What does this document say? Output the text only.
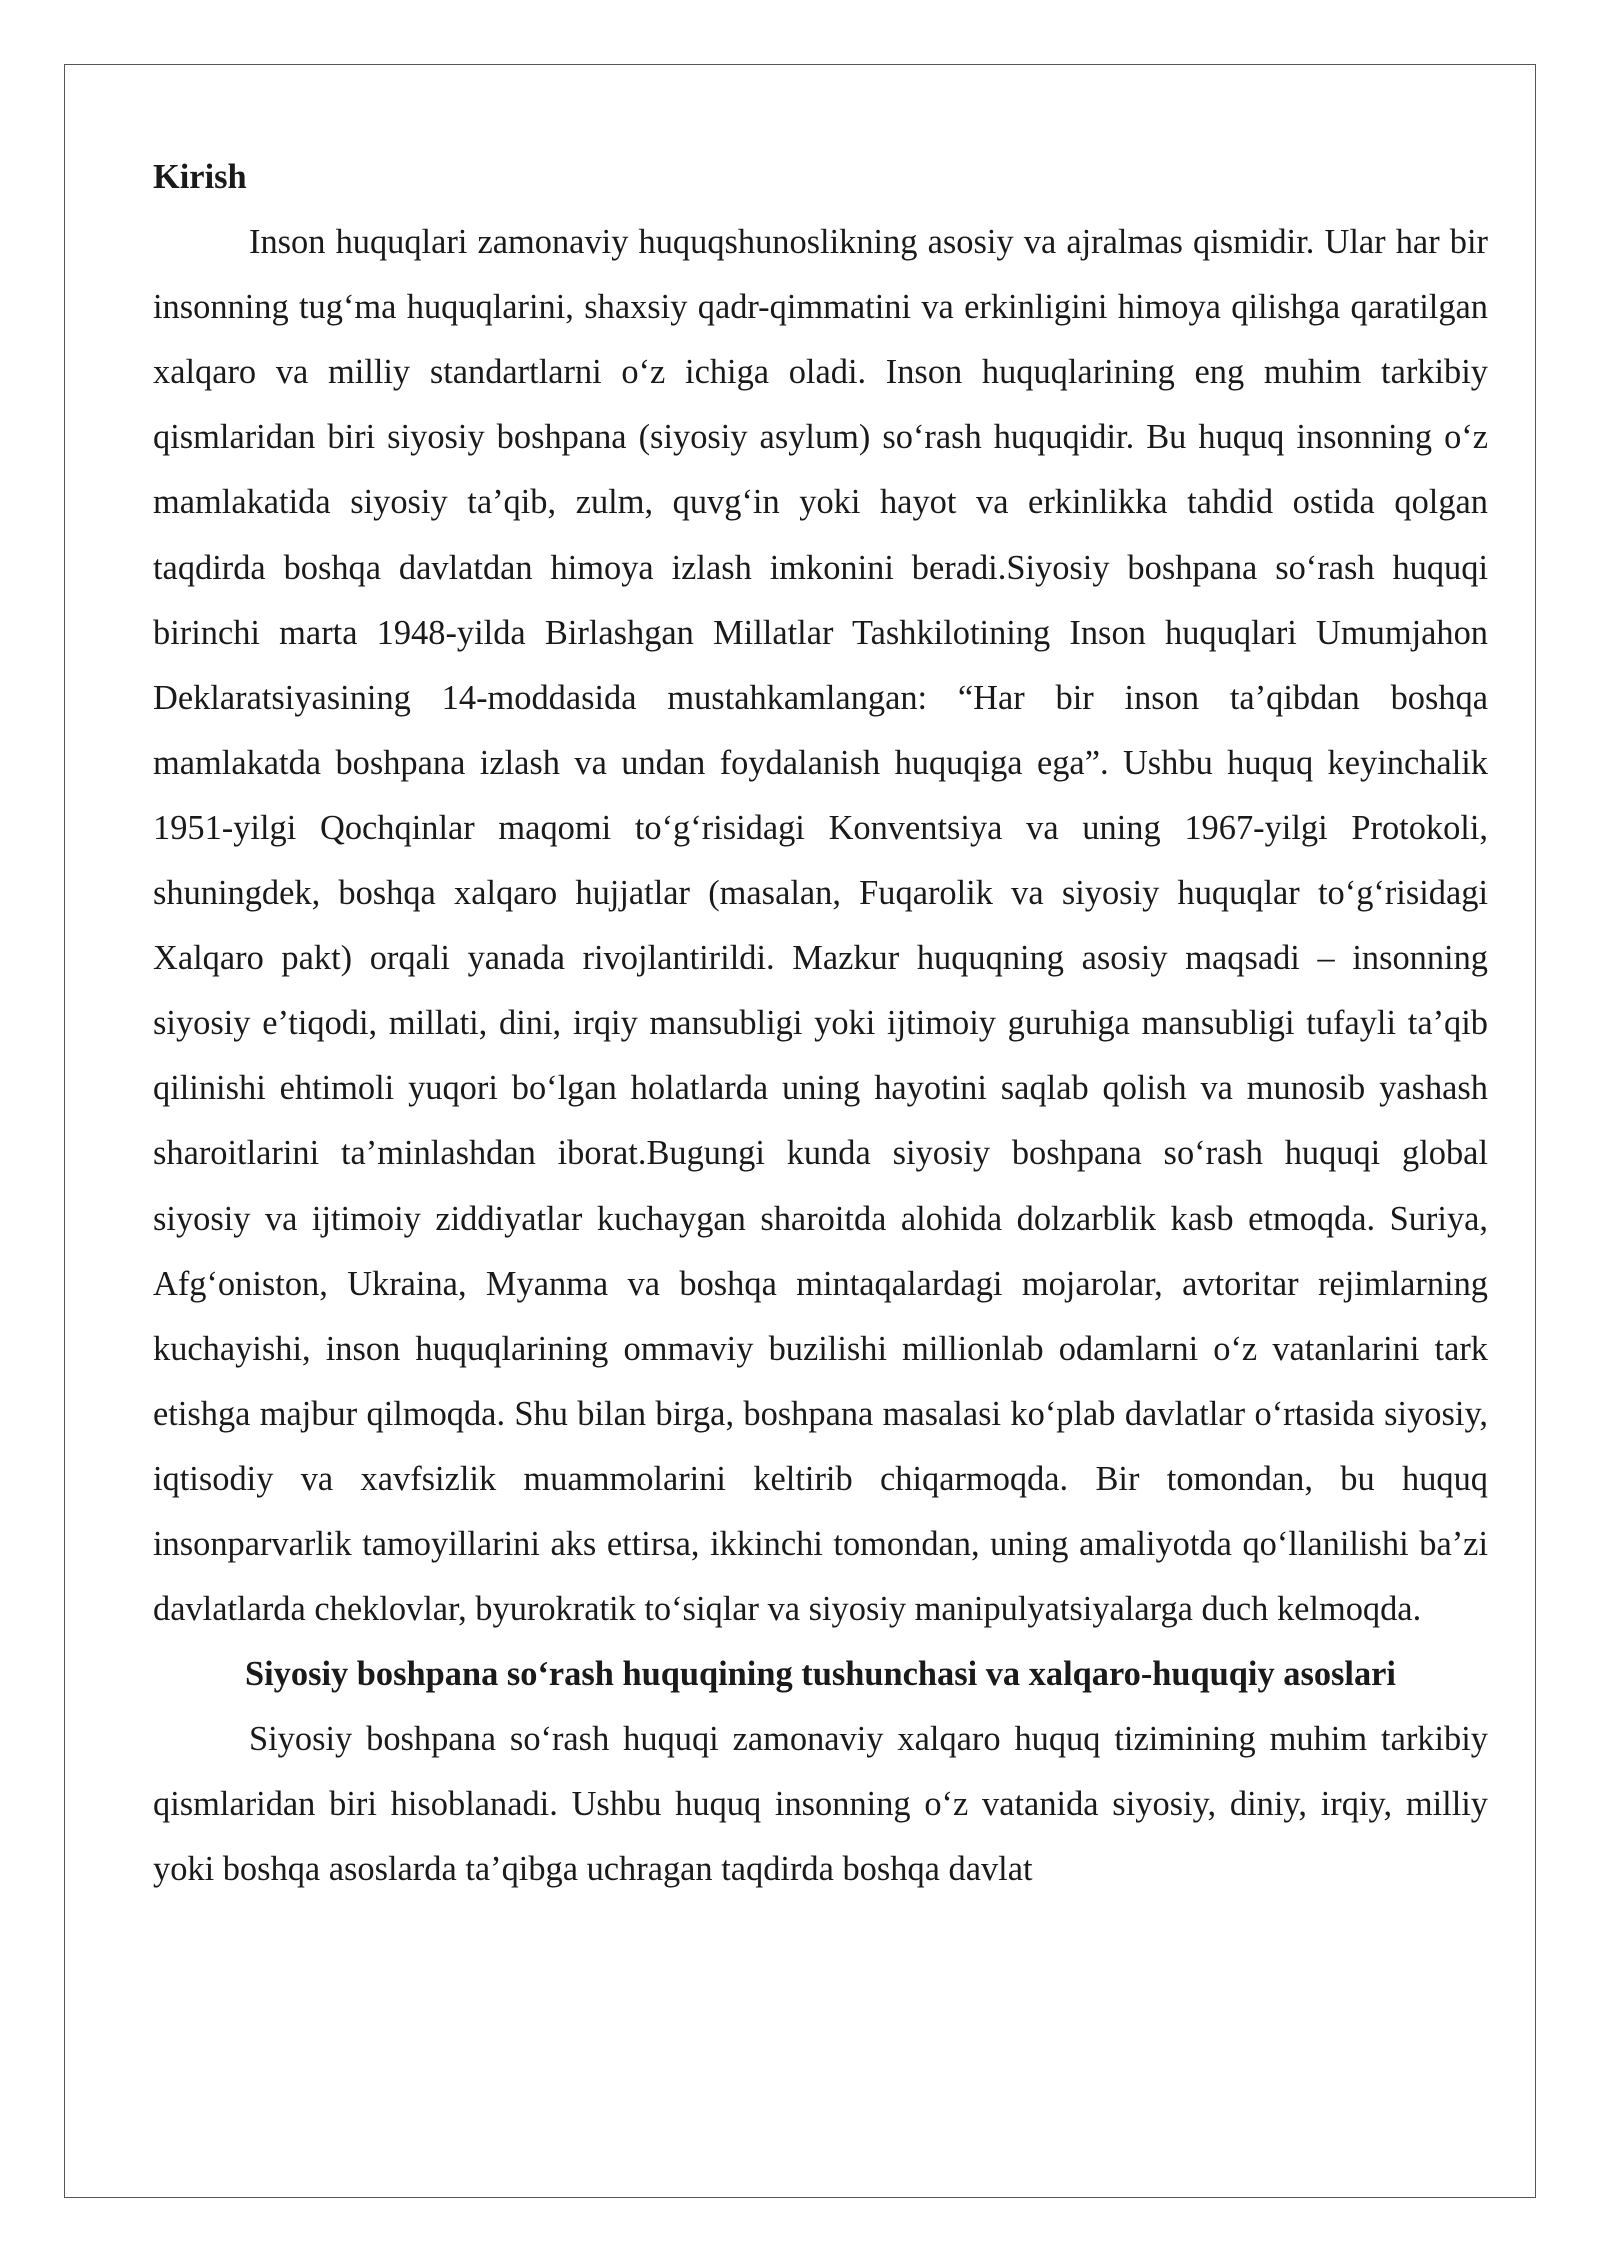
Kirish

Inson huquqlari zamonaviy huquqshunoslikning asosiy va ajralmas qismidir. Ular har bir insonning tug‘ma huquqlarini, shaxsiy qadr-qimmatini va erkinligini himoya qilishga qaratilgan xalqaro va milliy standartlarni o‘z ichiga oladi. Inson huquqlarining eng muhim tarkibiy qismlaridan biri siyosiy boshpana (siyosiy asylum) so‘rash huquqidir. Bu huquq insonning o‘z mamlakatida siyosiy ta’qib, zulm, quvg‘in yoki hayot va erkinlikka tahdid ostida qolgan taqdirda boshqa davlatdan himoya izlash imkonini beradi.Siyosiy boshpana so‘rash huquqi birinchi marta 1948-yilda Birlashgan Millatlar Tashkilotining Inson huquqlari Umumjahon Deklaratsiyasining 14-moddasida mustahkamlangan: “Har bir inson ta’qibdan boshqa mamlakatda boshpana izlash va undan foydalanish huquqiga ega”. Ushbu huquq keyinchalik 1951-yilgi Qochqinlar maqomi to‘g‘risidagi Konventsiya va uning 1967-yilgi Protokoli, shuningdek, boshqa xalqaro hujjatlar (masalan, Fuqarolik va siyosiy huquqlar to‘g‘risidagi Xalqaro pakt) orqali yanada rivojlantirildi. Mazkur huquqning asosiy maqsadi – insonning siyosiy e’tiqodi, millati, dini, irqiy mansubligi yoki ijtimoiy guruhiga mansubligi tufayli ta’qib qilinishi ehtimoli yuqori bo‘lgan holatlarda uning hayotini saqlab qolish va munosib yashash sharoitlarini ta’minlashdan iborat.Bugungi kunda siyosiy boshpana so‘rash huquqi global siyosiy va ijtimoiy ziddiyatlar kuchaygan sharoitda alohida dolzarblik kasb etmoqda. Suriya, Afg‘oniston, Ukraina, Myanma va boshqa mintaqalardagi mojarolar, avtoritar rejimlarning kuchayishi, inson huquqlarining ommaviy buzilishi millionlab odamlarni o‘z vatanlarini tark etishga majbur qilmoqda. Shu bilan birga, boshpana masalasi ko‘plab davlatlar o‘rtasida siyosiy, iqtisodiy va xavfsizlik muammolarini keltirib chiqarmoqda. Bir tomondan, bu huquq insonparvarlik tamoyillarini aks ettirsa, ikkinchi tomondan, uning amaliyotda qo‘llanilishi ba’zi davlatlarda cheklovlar, byurokratik to‘siqlar va siyosiy manipulyatsiyalarga duch kelmoqda.

Siyosiy boshpana so‘rash huquqining tushunchasi va xalqaro-huquqiy asoslari

Siyosiy boshpana so‘rash huquqi zamonaviy xalqaro huquq tizimining muhim tarkibiy qismlaridan biri hisoblanadi. Ushbu huquq insonning o‘z vatanida siyosiy, diniy, irqiy, milliy yoki boshqa asoslarda ta’qibga uchragan taqdirda boshqa davlat
